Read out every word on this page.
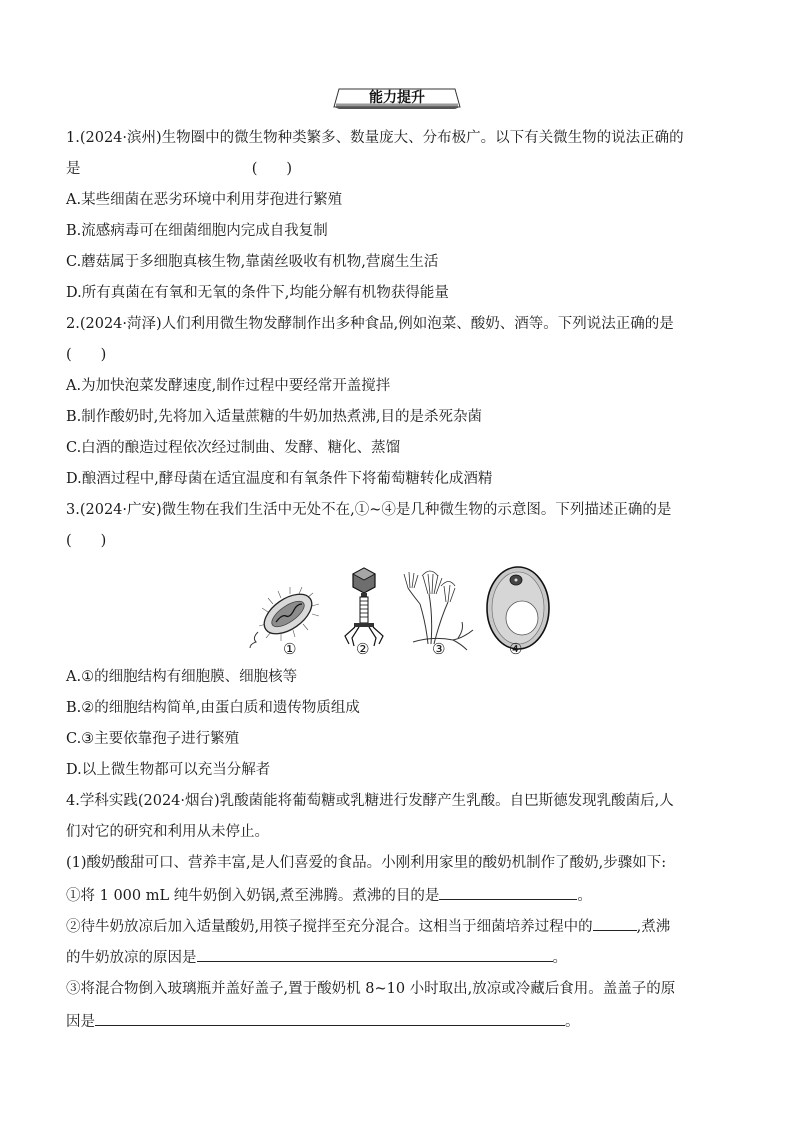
能力提升
1.(2024·滨州)生物圈中的微生物种类繁多、数量庞大、分布极广。以下有关微生物的说法正确的
是	(　　)
A.某些细菌在恶劣环境中利用芽孢进行繁殖
B.流感病毒可在细菌细胞内完成自我复制
C.蘑菇属于多细胞真核生物,靠菌丝吸收有机物,营腐生生活
D.所有真菌在有氧和无氧的条件下,均能分解有机物获得能量
2.(2024·菏泽)人们利用微生物发酵制作出多种食品,例如泡菜、酸奶、酒等。下列说法正确的是
(　　)
A.为加快泡菜发酵速度,制作过程中要经常开盖搅拌
B.制作酸奶时,先将加入适量蔗糖的牛奶加热煮沸,目的是杀死杂菌
C.白酒的酿造过程依次经过制曲、发酵、糖化、蒸馏
D.酿酒过程中,酵母菌在适宜温度和有氧条件下将葡萄糖转化成酒精
3.(2024·广安)微生物在我们生活中无处不在,①~④是几种微生物的示意图。下列描述正确的是
(　　)
①	②	③	④
A.①的细胞结构有细胞膜、细胞核等
B.②的细胞结构简单,由蛋白质和遗传物质组成
C.③主要依靠孢子进行繁殖
D.以上微生物都可以充当分解者
4.学科实践(2024·烟台)乳酸菌能将葡萄糖或乳糖进行发酵产生乳酸。自巴斯德发现乳酸菌后,人
们对它的研究和利用从未停止。
(1)酸奶酸甜可口、营养丰富,是人们喜爱的食品。小刚利用家里的酸奶机制作了酸奶,步骤如下:
①将 1 000 mL 纯牛奶倒入奶锅,煮至沸腾。煮沸的目的是	。
②待牛奶放凉后加入适量酸奶,用筷子搅拌至充分混合。这相当于细菌培养过程中的	,煮沸
的牛奶放凉的原因是	。
③将混合物倒入玻璃瓶并盖好盖子,置于酸奶机 8~10 小时取出,放凉或冷藏后食用。盖盖子的原
因是	。
